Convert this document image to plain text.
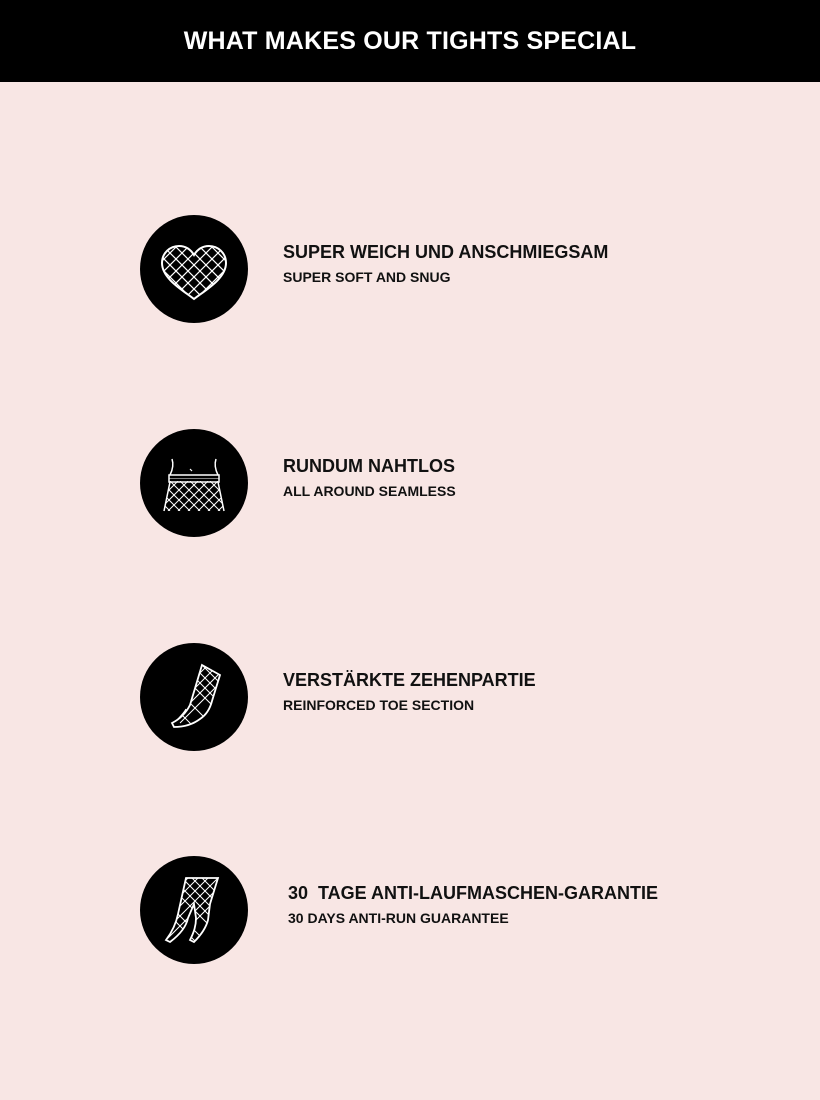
WHAT MAKES OUR TIGHTS SPECIAL
SUPER WEICH UND ANSCHMIEGSAM
SUPER SOFT AND SNUG
RUNDUM NAHTLOS
ALL AROUND SEAMLESS
VERSTÄRKTE ZEHENPARTIE
REINFORCED TOE SECTION
30  TAGE ANTI-LAUFMASCHEN-GARANTIE
30 DAYS ANTI-RUN GUARANTEE
